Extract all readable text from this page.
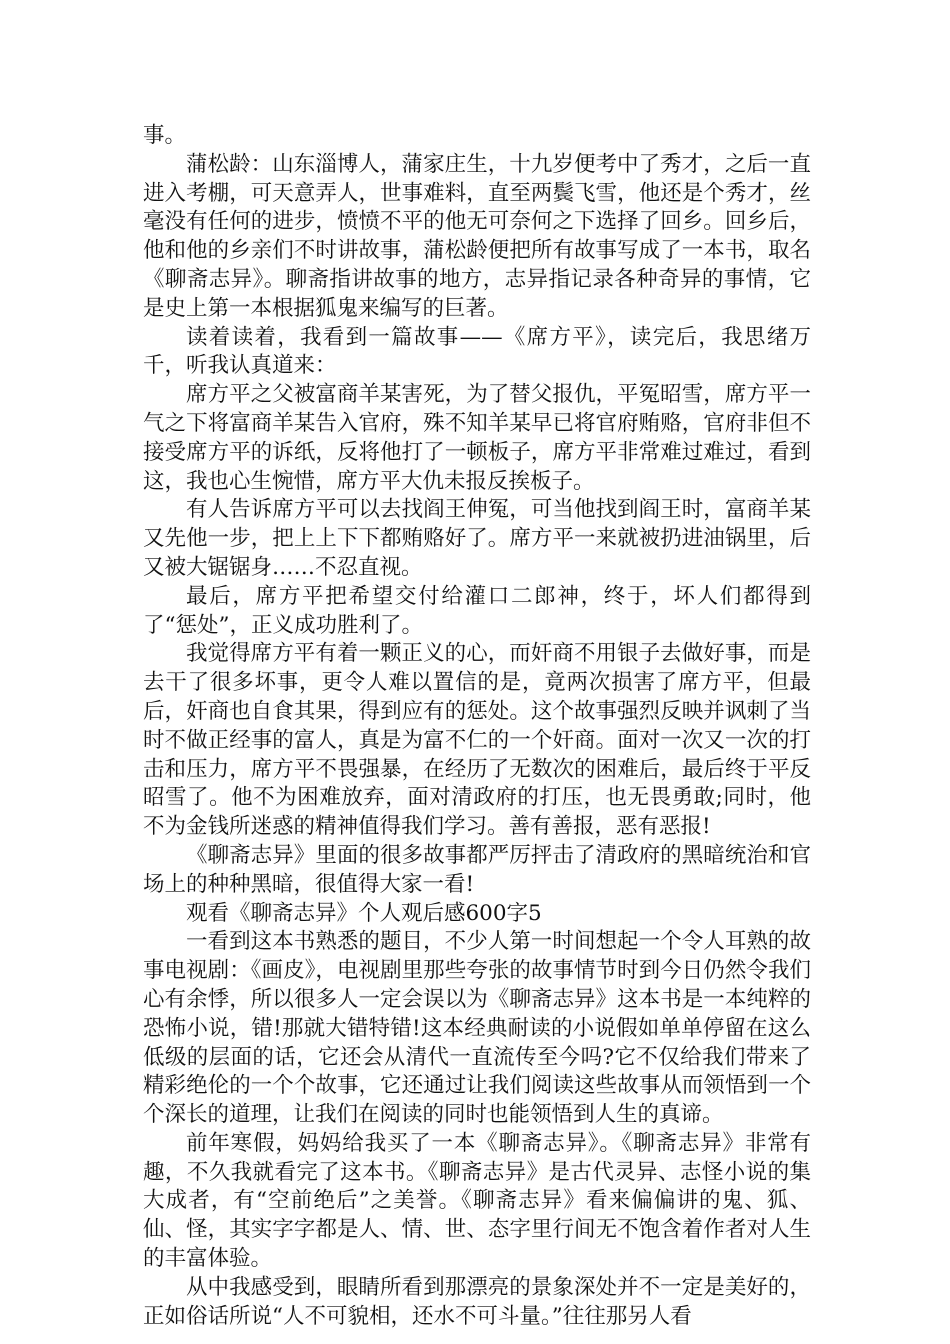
事。

蒲松龄：山东淄博人，蒲家庄生，十九岁便考中了秀才，之后一直进入考棚，可天意弄人，世事难料，直至两鬓飞雪，他还是个秀才，丝毫没有任何的进步，愤愤不平的他无可奈何之下选择了回乡。回乡后，他和他的乡亲们不时讲故事，蒲松龄便把所有故事写成了一本书，取名《聊斋志异》。聊斋指讲故事的地方，志异指记录各种奇异的事情，它是史上第一本根据狐鬼来编写的巨著。

读着读着，我看到一篇故事——《席方平》，读完后，我思绪万千，听我认真道来：

席方平之父被富商羊某害死，为了替父报仇，平冤昭雪，席方平一气之下将富商羊某告入官府，殊不知羊某早已将官府贿赂，官府非但不接受席方平的诉纸，反将他打了一顿板子，席方平非常难过难过，看到这，我也心生惋惜，席方平大仇未报反挨板子。

有人告诉席方平可以去找阎王伸冤，可当他找到阎王时，富商羊某又先他一步，把上上下下都贿赂好了。席方平一来就被扔进油锅里，后又被大锯锯身……不忍直视。

最后，席方平把希望交付给灌口二郎神，终于，坏人们都得到了“惩处”，正义成功胜利了。

我觉得席方平有着一颗正义的心，而奸商不用银子去做好事，而是去干了很多坏事，更令人难以置信的是，竟两次损害了席方平，但最后，奸商也自食其果，得到应有的惩处。这个故事强烈反映并讽刺了当时不做正经事的富人，真是为富不仁的一个奸商。面对一次又一次的打击和压力，席方平不畏强暴，在经历了无数次的困难后，最后终于平反昭雪了。他不为困难放弃，面对清政府的打压，也无畏勇敢;同时，他不为金钱所迷惑的精神值得我们学习。善有善报，恶有恶报!

《聊斋志异》里面的很多故事都严厉抨击了清政府的黑暗统治和官场上的种种黑暗，很值得大家一看!

观看《聊斋志异》个人观后感600字5

一看到这本书熟悉的题目，不少人第一时间想起一个令人耳熟的故事电视剧：《画皮》，电视剧里那些夸张的故事情节时到今日仍然令我们心有余悸，所以很多人一定会误以为《聊斋志异》这本书是一本纯粹的恐怖小说，错!那就大错特错!这本经典耐读的小说假如单单停留在这么低级的层面的话，它还会从清代一直流传至今吗?它不仅给我们带来了精彩绝伦的一个个故事，它还通过让我们阅读这些故事从而领悟到一个个深长的道理，让我们在阅读的同时也能领悟到人生的真谛。

前年寒假，妈妈给我买了一本《聊斋志异》。《聊斋志异》非常有趣，不久我就看完了这本书。《聊斋志异》是古代灵异、志怪小说的集大成者，有“空前绝后”之美誉。《聊斋志异》看来偏偏讲的鬼、狐、仙、怪，其实字字都是人、情、世、态字里行间无不饱含着作者对人生的丰富体验。

从中我感受到，眼睛所看到那漂亮的景象深处并不一定是美好的，正如俗话所说“人不可貌相，还水不可斗量。”往往那另人看
